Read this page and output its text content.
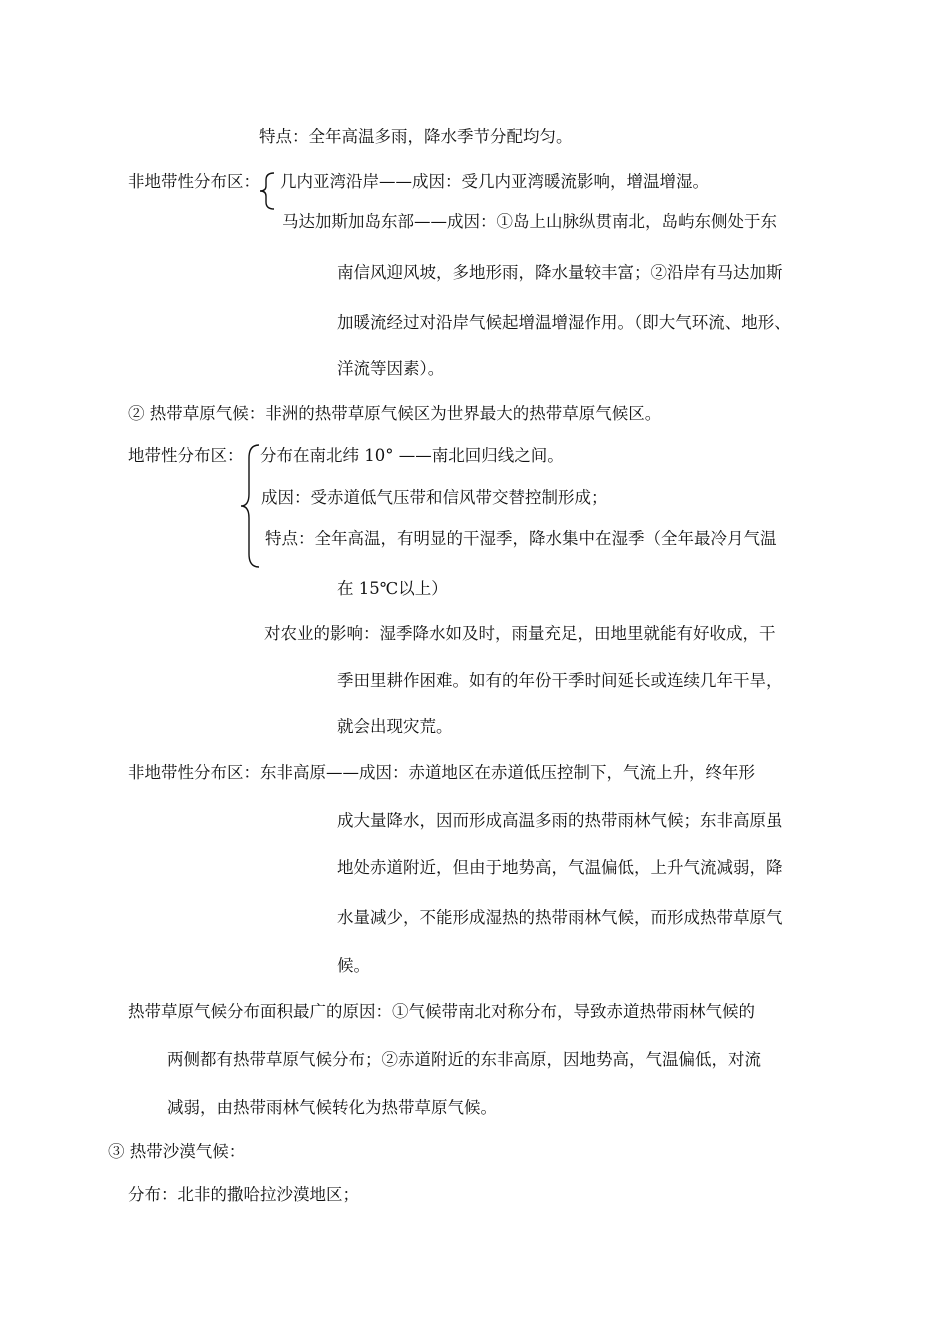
特点：全年高温多雨，降水季节分配均匀。
非地带性分布区： 几内亚湾沿岸——成因：受几内亚湾暖流影响，增温增湿。
马达加斯加岛东部——成因：①岛上山脉纵贯南北，岛屿东侧处于东
南信风迎风坡，多地形雨，降水量较丰富；②沿岸有马达加斯
加暖流经过对沿岸气候起增温增湿作用。（即大气环流、地形、
洋流等因素）。
② 热带草原气候：非洲的热带草原气候区为世界最大的热带草原气候区。
地带性分布区： 分布在南北纬 10° ——南北回归线之间。
成因：受赤道低气压带和信风带交替控制形成；
特点：全年高温，有明显的干湿季，降水集中在湿季（全年最冷月气温
在 15℃以上）
对农业的影响：湿季降水如及时，雨量充足，田地里就能有好收成，干
季田里耕作困难。如有的年份干季时间延长或连续几年干旱，
就会出现灾荒。
非地带性分布区：东非高原——成因：赤道地区在赤道低压控制下，气流上升，终年形
成大量降水，因而形成高温多雨的热带雨林气候；东非高原虽
地处赤道附近，但由于地势高，气温偏低，上升气流减弱，降
水量减少，不能形成湿热的热带雨林气候，而形成热带草原气
候。
热带草原气候分布面积最广的原因：①气候带南北对称分布，导致赤道热带雨林气候的
两侧都有热带草原气候分布；②赤道附近的东非高原，因地势高，气温偏低，对流
减弱，由热带雨林气候转化为热带草原气候。
③ 热带沙漠气候：
分布：北非的撒哈拉沙漠地区；
